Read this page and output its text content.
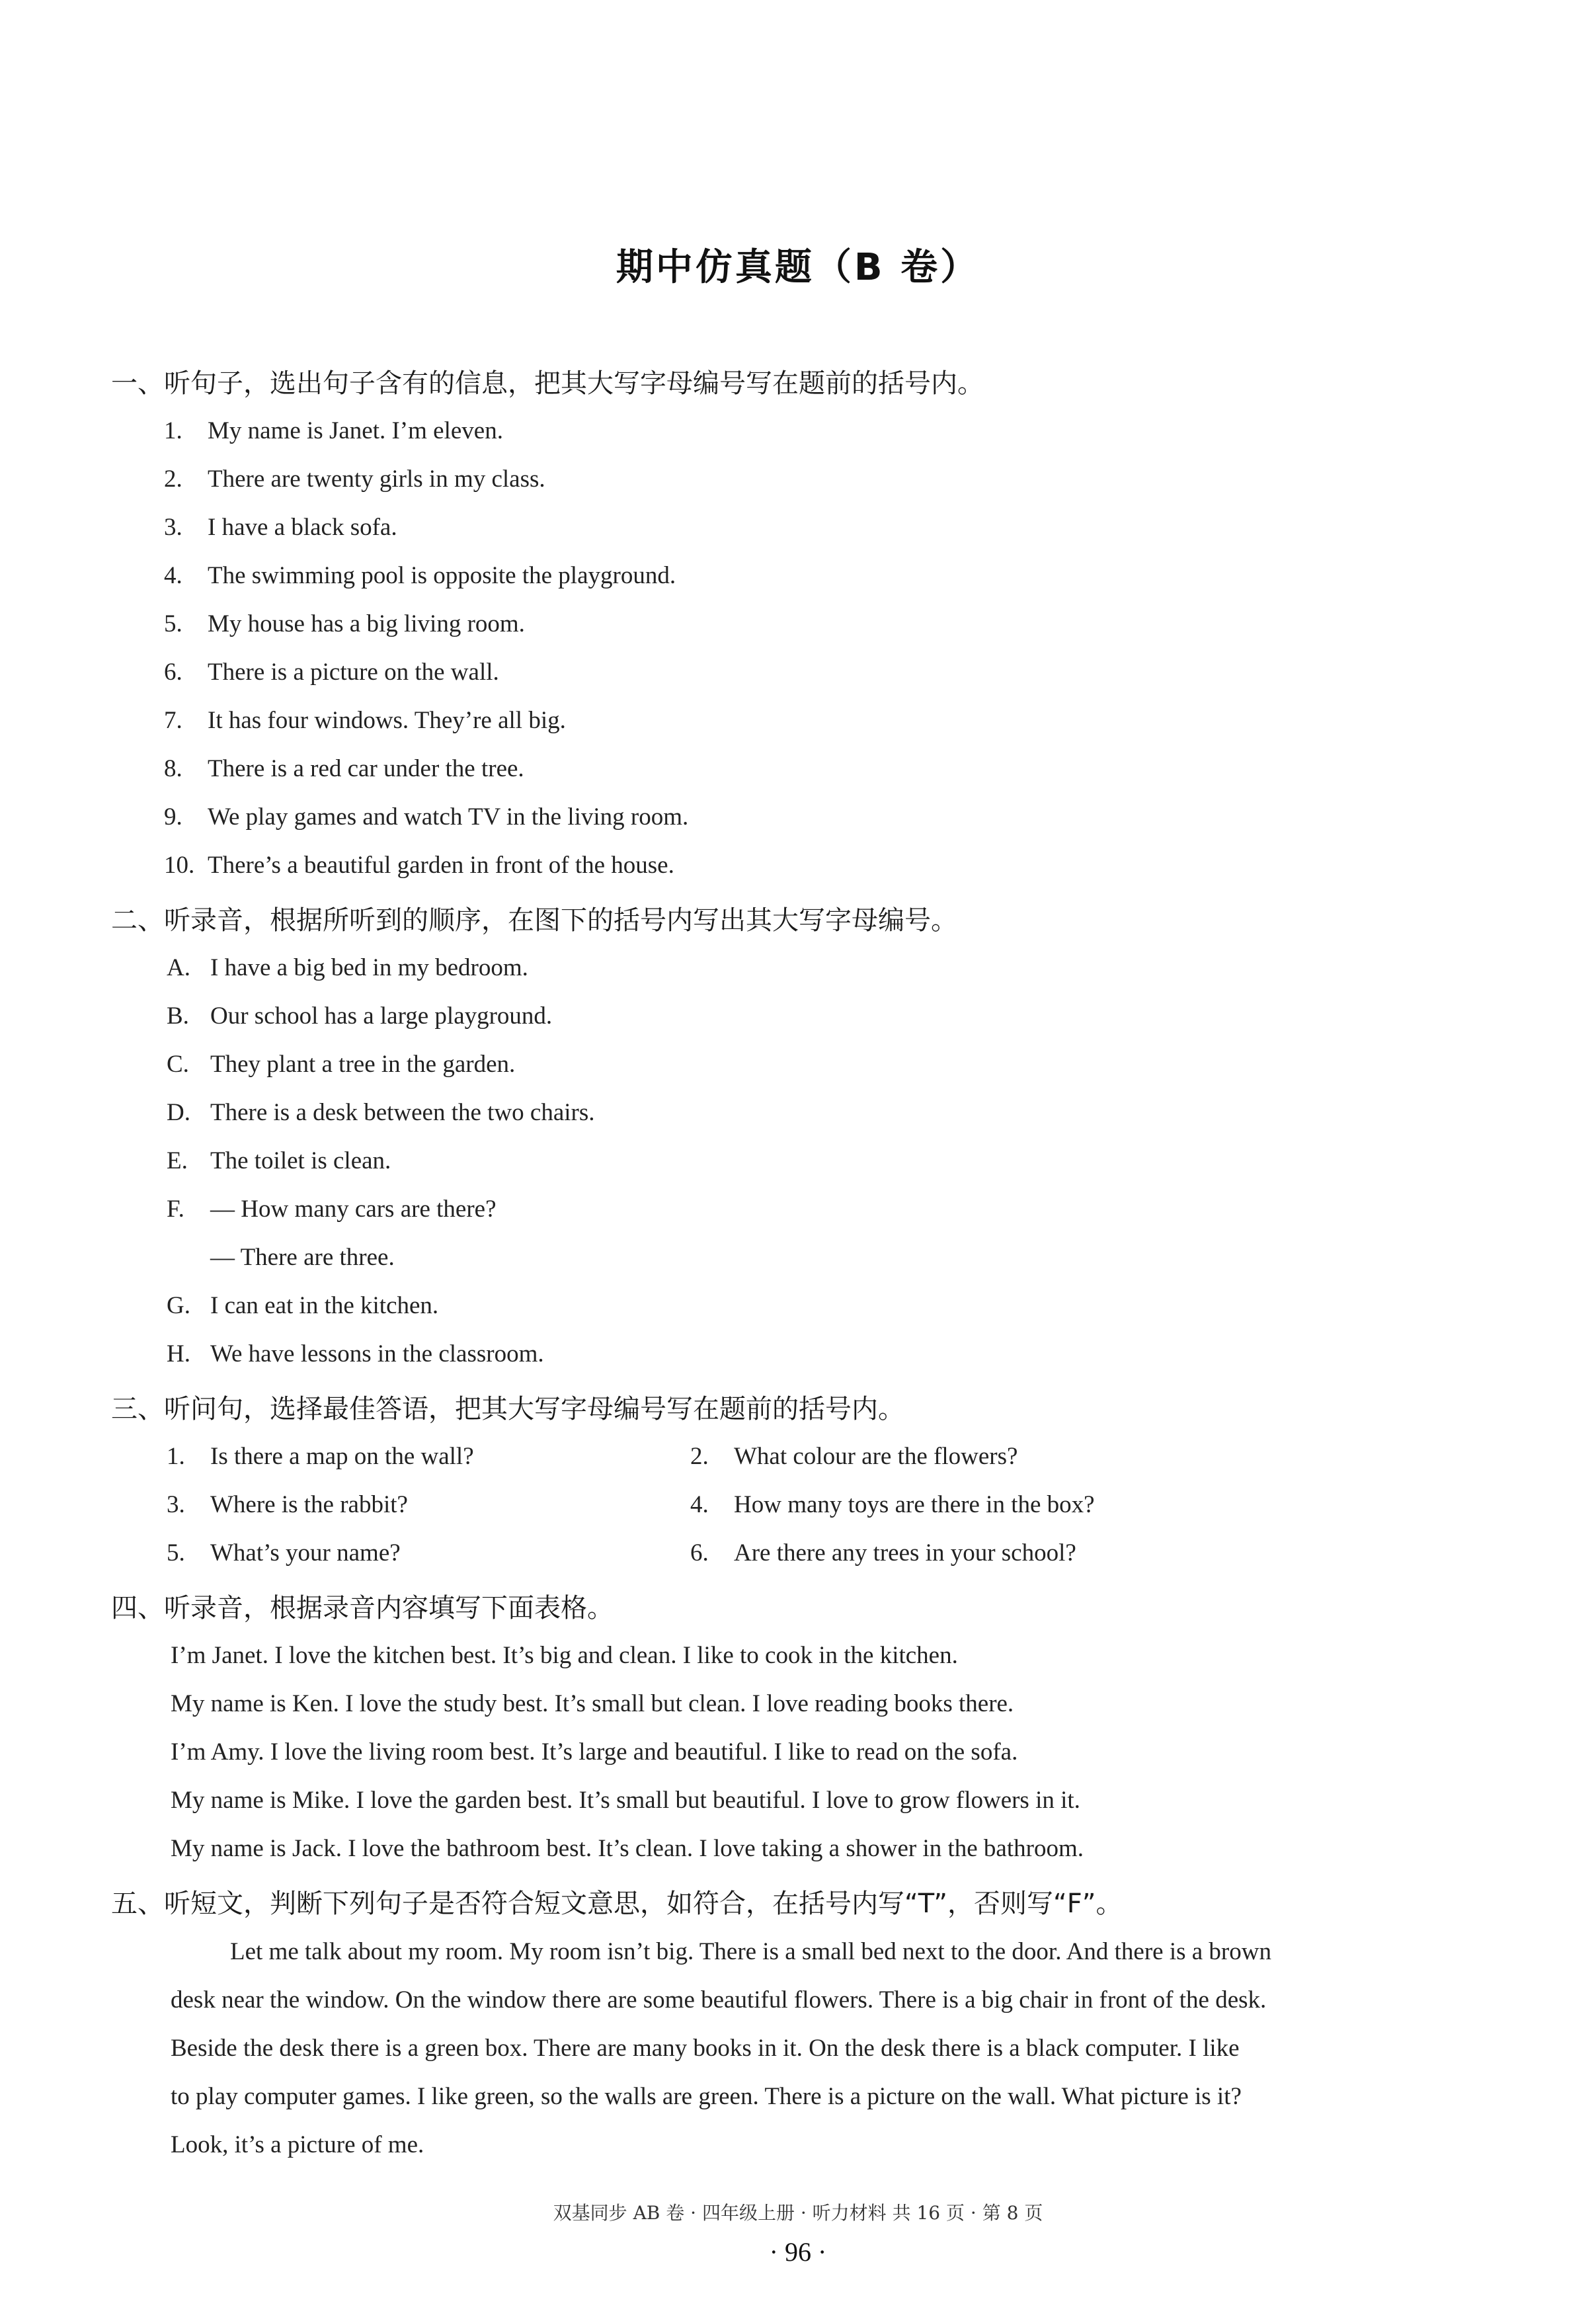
期中仿真题（B 卷）
一、听句子，选出句子含有的信息，把其大写字母编号写在题前的括号内。
1. My name is Janet. I’m eleven.
2. There are twenty girls in my class.
3. I have a black sofa.
4. The swimming pool is opposite the playground.
5. My house has a big living room.
6. There is a picture on the wall.
7. It has four windows. They’re all big.
8. There is a red car under the tree.
9. We play games and watch TV in the living room.
10. There’s a beautiful garden in front of the house.
二、听录音，根据所听到的顺序，在图下的括号内写出其大写字母编号。
A. I have a big bed in my bedroom.
B. Our school has a large playground.
C. They plant a tree in the garden.
D. There is a desk between the two chairs.
E. The toilet is clean.
F. — How many cars are there?
— There are three.
G. I can eat in the kitchen.
H. We have lessons in the classroom.
三、听问句，选择最佳答语，把其大写字母编号写在题前的括号内。
1. Is there a map on the wall?	2. What colour are the flowers?
3. Where is the rabbit?	4. How many toys are there in the box?
5. What’s your name?	6. Are there any trees in your school?
四、听录音，根据录音内容填写下面表格。
I’m Janet. I love the kitchen best. It’s big and clean. I like to cook in the kitchen.
My name is Ken. I love the study best. It’s small but clean. I love reading books there.
I’m Amy. I love the living room best. It’s large and beautiful. I like to read on the sofa.
My name is Mike. I love the garden best. It’s small but beautiful. I love to grow flowers in it.
My name is Jack. I love the bathroom best. It’s clean. I love taking a shower in the bathroom.
五、听短文，判断下列句子是否符合短文意思，如符合，在括号内写“T”，否则写“F”。
Let me talk about my room. My room isn’t big. There is a small bed next to the door. And there is a brown
desk near the window. On the window there are some beautiful flowers. There is a big chair in front of the desk.
Beside the desk there is a green box. There are many books in it. On the desk there is a black computer. I like
to play computer games. I like green, so the walls are green. There is a picture on the wall. What picture is it?
Look, it’s a picture of me.
双基同步 AB 卷 · 四年级上册 · 听力材料 共 16 页 · 第 8 页
· 96 ·
